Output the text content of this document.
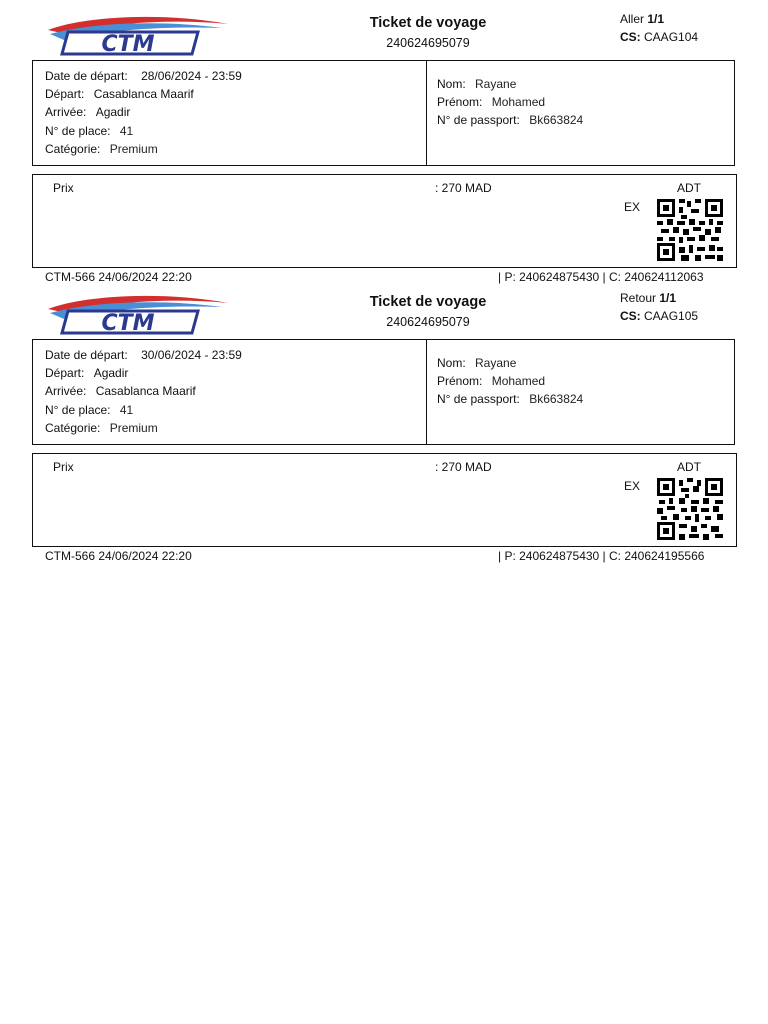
CTM
Ticket de voyage
240624695079
Aller 1/1
CS: CAAG104
Date de départ: 28/06/2024 - 23:59
Départ: Casablanca Maarif
Arrivée: Agadir
N° de place: 41
Catégorie: Premium
Nom: Rayane
Prénom: Mohamed
N° de passport: Bk663824
Prix	: 270 MAD	ADT
EX
CTM-566 24/06/2024 22:20	| P: 240624875430 | C: 240624112063
CTM
Ticket de voyage
240624695079
Retour 1/1
CS: CAAG105
Date de départ: 30/06/2024 - 23:59
Départ: Agadir
Arrivée: Casablanca Maarif
N° de place: 41
Catégorie: Premium
Nom: Rayane
Prénom: Mohamed
N° de passport: Bk663824
Prix	: 270 MAD	ADT
EX
CTM-566 24/06/2024 22:20	| P: 240624875430 | C: 240624195566
